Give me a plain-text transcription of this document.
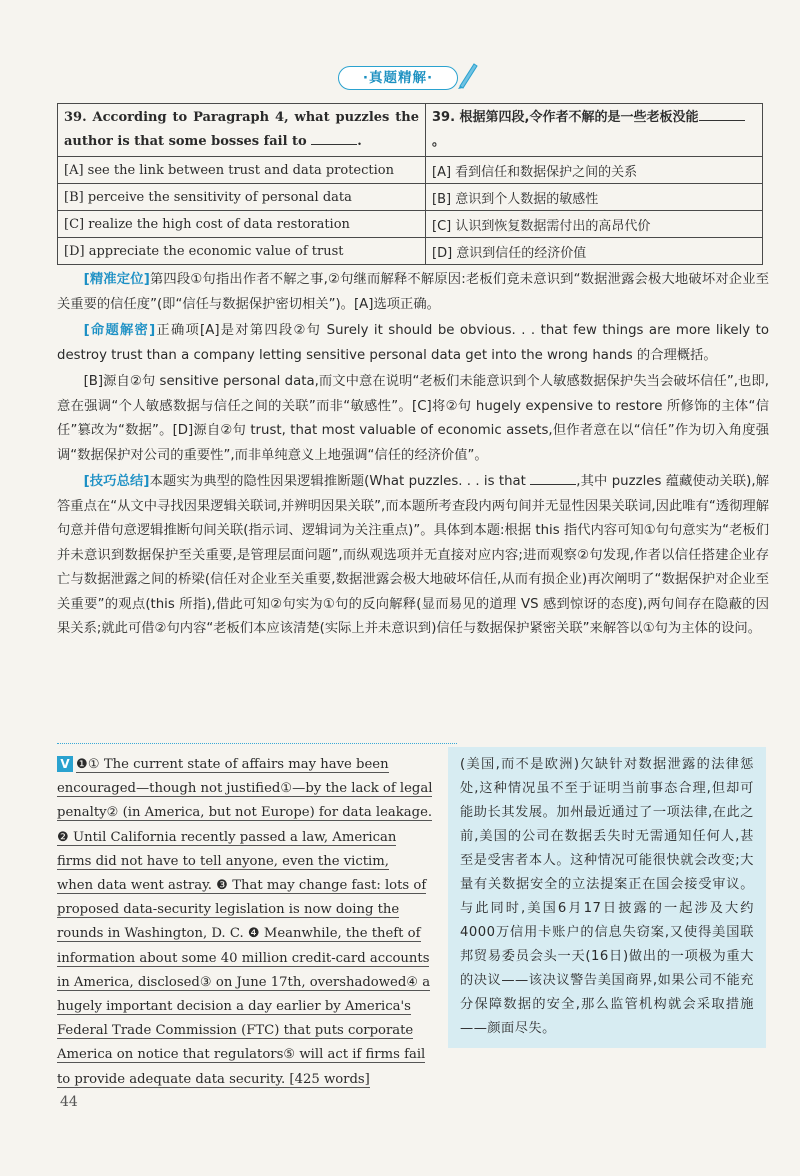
·真题精解·
39. According to Paragraph 4, what puzzles the author is that some bosses fail to .	39. 根据第四段,令作者不解的是一些老板没能。

[A] see the link between trust and data protection	[A] 看到信任和数据保护之间的关系
[B] perceive the sensitivity of personal data	[B] 意识到个人数据的敏感性
[C] realize the high cost of data restoration	[C] 认识到恢复数据需付出的高昂代价
[D] appreciate the economic value of trust	[D] 意识到信任的经济价值

[精准定位]第四段①句指出作者不解之事,②句继而解释不解原因:老板们竟未意识到“数据泄露会极大地破坏对企业至关重要的信任度”(即“信任与数据保护密切相关”)。[A]选项正确。

[命题解密]正确项[A]是对第四段②句 Surely it should be obvious. . . that few things are more likely to destroy trust than a company letting sensitive personal data get into the wrong hands 的合理概括。

[B]源自②句 sensitive personal data,而文中意在说明“老板们未能意识到个人敏感数据保护失当会破坏信任”,也即,意在强调“个人敏感数据与信任之间的关联”而非“敏感性”。[C]将②句 hugely expensive to restore 所修饰的主体“信任”篡改为“数据”。[D]源自②句 trust, that most valuable of economic assets,但作者意在以“信任”作为切入角度强调“数据保护对公司的重要性”,而非单纯意义上地强调“信任的经济价值”。

[技巧总结]本题实为典型的隐性因果逻辑推断题(What puzzles. . . is that	,其中 puzzles 蕴藏使动关联),解答重点在“从文中寻找因果逻辑关联词,并辨明因果关联”,而本题所考查段内两句间并无显性因果关联词,因此唯有“透彻理解句意并借句意逻辑推断句间关联(指示词、逻辑词为关注重点)”。具体到本题:根据 this 指代内容可知①句句意实为“老板们并未意识到数据保护至关重要,是管理层面问题”,而纵观选项并无直接对应内容;进而观察②句发现,作者以信任搭建企业存亡与数据泄露之间的桥梁(信任对企业至关重要,数据泄露会极大地破坏信任,从而有损企业)再次阐明了“数据保护对企业至关重要”的观点(this 所指),借此可知②句实为①句的反向解释(显而易见的道理 VS 感到惊讶的态度),两句间存在隐蔽的因果关系;就此可借②句内容“老板们本应该清楚(实际上并未意识到)信任与数据保护紧密关联”来解答以①句为主体的设问。

V ❶① The current state of affairs may have been
encouraged—though not justified①—by the lack of legal
penalty② (in America, but not Europe) for data leakage.
❷ Until California recently passed a law, American
firms did not have to tell anyone, even the victim,
when data went astray. ❸ That may change fast: lots of
proposed data-security legislation is now doing the
rounds in Washington, D. C. ❹ Meanwhile, the theft of
information about some 40 million credit-card accounts
in America, disclosed③ on June 17th, overshadowed④ a
hugely important decision a day earlier by America's
Federal Trade Commission (FTC) that puts corporate
America on notice that regulators⑤ will act if firms fail
to provide adequate data security. [425 words]
(美国,而不是欧洲)欠缺针对数据泄露的法律惩处,这种情况虽不至于证明当前事态合理,但却可能助长其发展。加州最近通过了一项法律,在此之前,美国的公司在数据丢失时无需通知任何人,甚至是受害者本人。这种情况可能很快就会改变;大量有关数据安全的立法提案正在国会接受审议。与此同时,美国6月17日披露的一起涉及大约4000万信用卡账户的信息失窃案,又使得美国联邦贸易委员会头一天(16日)做出的一项极为重大的决议——该决议警告美国商界,如果公司不能充分保障数据的安全,那么监管机构就会采取措施——颜面尽失。
44
